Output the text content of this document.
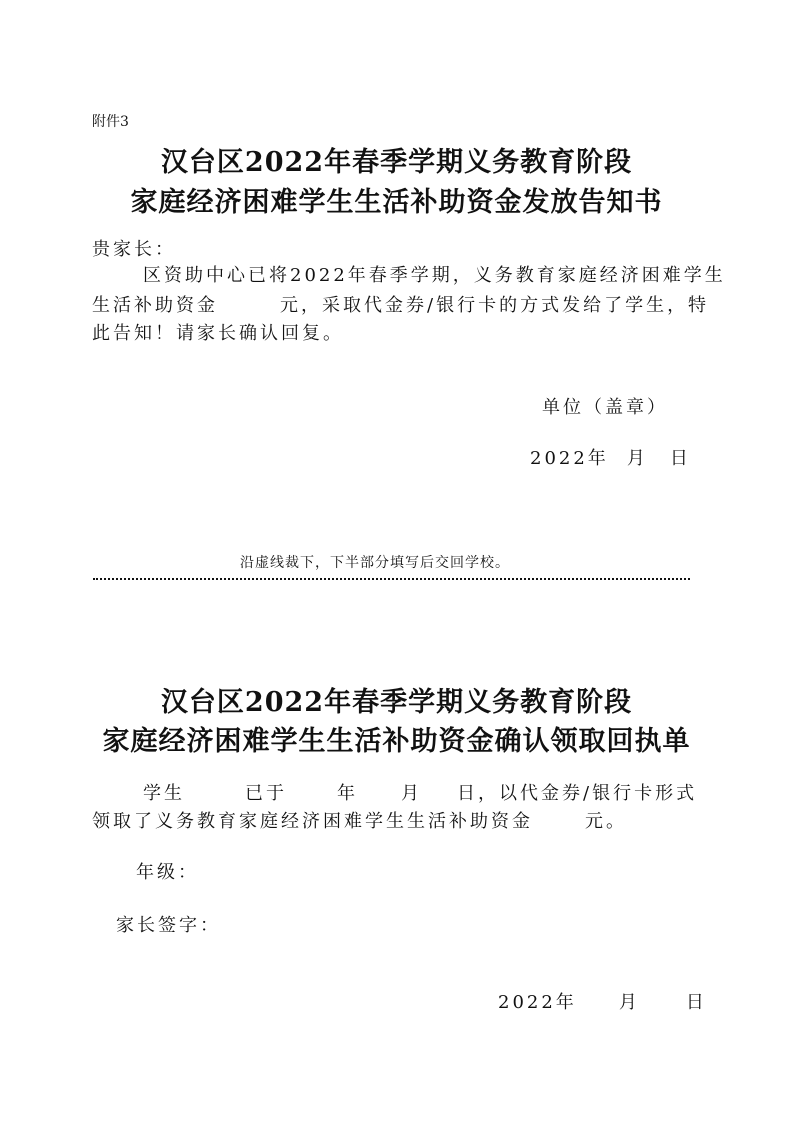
附件3
汉台区2022年春季学期义务教育阶段
家庭经济困难学生生活补助资金发放告知书
贵家长：
区资助中心已将2022年春季学期，义务教育家庭经济困难学生
生活补助资金	元，采取代金券/银行卡的方式发给了学生，特
此告知！请家长确认回复。
单位（盖章）
2022年 月 日
沿虚线裁下，下半部分填写后交回学校。
汉台区2022年春季学期义务教育阶段
家庭经济困难学生生活补助资金确认领取回执单
学生	已于	年 月 日，以代金券/银行卡形式
领取了义务教育家庭经济困难学生生活补助资金	元。
年级：
家长签字：
2022年 月	日
